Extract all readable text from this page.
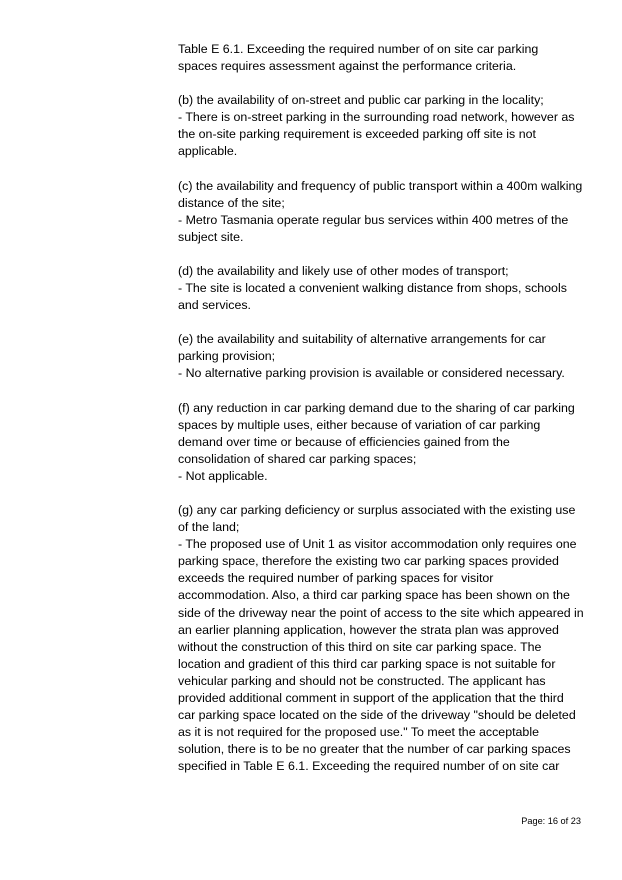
Table E 6.1. Exceeding the required number of on site car parking
spaces requires assessment against the performance criteria.
(b) the availability of on-street and public car parking in the locality;
- There is on-street parking in the surrounding road network, however as
the on-site parking requirement is exceeded parking off site is not
applicable.
(c) the availability and frequency of public transport within a 400m walking
distance of the site;
- Metro Tasmania operate regular bus services within 400 metres of the
subject site.
(d) the availability and likely use of other modes of transport;
- The site is located a convenient walking distance from shops, schools
and services.
(e) the availability and suitability of alternative arrangements for car
parking provision;
- No alternative parking provision is available or considered necessary.
(f) any reduction in car parking demand due to the sharing of car parking
spaces by multiple uses, either because of variation of car parking
demand over time or because of efficiencies gained from the
consolidation of shared car parking spaces;
- Not applicable.
(g) any car parking deficiency or surplus associated with the existing use
of the land;
- The proposed use of Unit 1 as visitor accommodation only requires one
parking space, therefore the existing two car parking spaces provided
exceeds the required number of parking spaces for visitor
accommodation. Also, a third car parking space has been shown on the
side of the driveway near the point of access to the site which appeared in
an earlier planning application, however the strata plan was approved
without the construction of this third on site car parking space. The
location and gradient of this third car parking space is not suitable for
vehicular parking and should not be constructed. The applicant has
provided additional comment in support of the application that the third
car parking space located on the side of the driveway "should be deleted
as it is not required for the proposed use." To meet the acceptable
solution, there is to be no greater that the number of car parking spaces
specified in Table E 6.1. Exceeding the required number of on site car
Page: 16 of 23
